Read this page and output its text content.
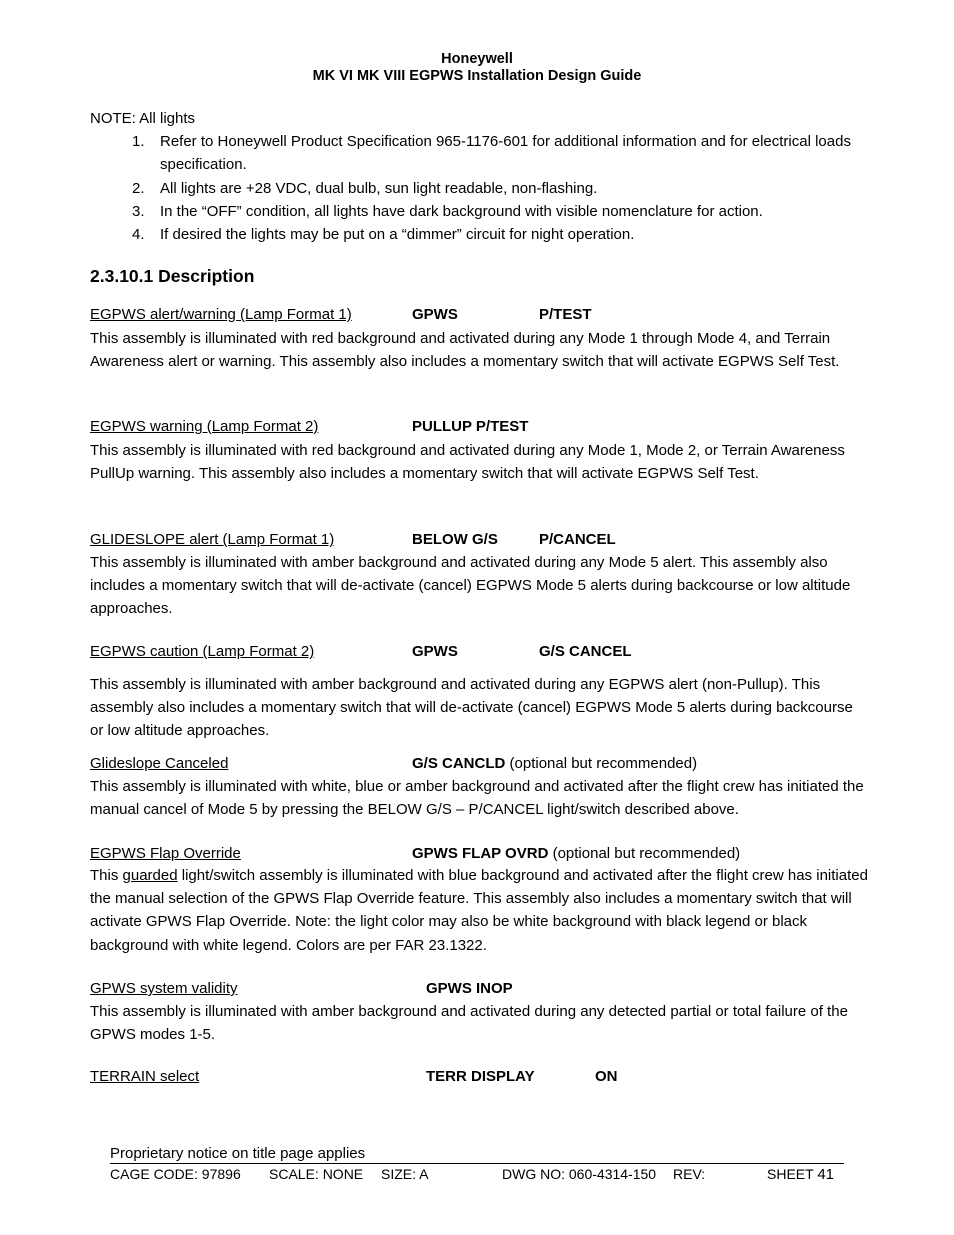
Honeywell
MK VI MK VIII EGPWS Installation Design Guide
NOTE: All lights
1. Refer to Honeywell Product Specification 965-1176-601 for additional information and for electrical loads specification.
2. All lights are +28 VDC, dual bulb, sun light readable, non-flashing.
3. In the “OFF” condition, all lights have dark background with visible nomenclature for action.
4. If desired the lights may be put on a “dimmer” circuit for night operation.
2.3.10.1 Description
EGPWS alert/warning (Lamp Format 1)	GPWS	P/TEST
This assembly is illuminated with red background and activated during any Mode 1 through Mode 4, and Terrain Awareness alert or warning. This assembly also includes a momentary switch that will activate EGPWS Self Test.
EGPWS warning (Lamp Format 2)	PULLUP P/TEST
This assembly is illuminated with red background and activated during any Mode 1, Mode 2, or Terrain Awareness PullUp warning. This assembly also includes a momentary switch that will activate EGPWS Self Test.
GLIDESLOPE alert (Lamp Format 1)	BELOW G/S	P/CANCEL
This assembly is illuminated with amber background and activated during any Mode 5 alert. This assembly also includes a momentary switch that will de-activate (cancel) EGPWS Mode 5 alerts during backcourse or low altitude approaches.
EGPWS caution (Lamp Format 2)	GPWS	G/S CANCEL
This assembly is illuminated with amber background and activated during any EGPWS alert (non-Pullup). This assembly also includes a momentary switch that will de-activate (cancel) EGPWS Mode 5 alerts during backcourse or low altitude approaches.
Glideslope Canceled	G/S CANCLD (optional but recommended)
This assembly is illuminated with white, blue or amber background and activated after the flight crew has initiated the manual cancel of Mode 5 by pressing the BELOW G/S – P/CANCEL light/switch described above.
EGPWS Flap Override	GPWS FLAP OVRD (optional but recommended)
This guarded light/switch assembly is illuminated with blue background and activated after the flight crew has initiated the manual selection of the GPWS Flap Override feature. This assembly also includes a momentary switch that will activate GPWS Flap Override. Note: the light color may also be white background with black legend or black background with white legend. Colors are per FAR 23.1322.
GPWS system validity	GPWS INOP
This assembly is illuminated with amber background and activated during any detected partial or total failure of the GPWS modes 1-5.
TERRAIN select	TERR DISPLAY	ON
Proprietary notice on title page applies
CAGE CODE: 97896 SCALE: NONE SIZE: A	DWG NO: 060-4314-150 REV:	SHEET 41
